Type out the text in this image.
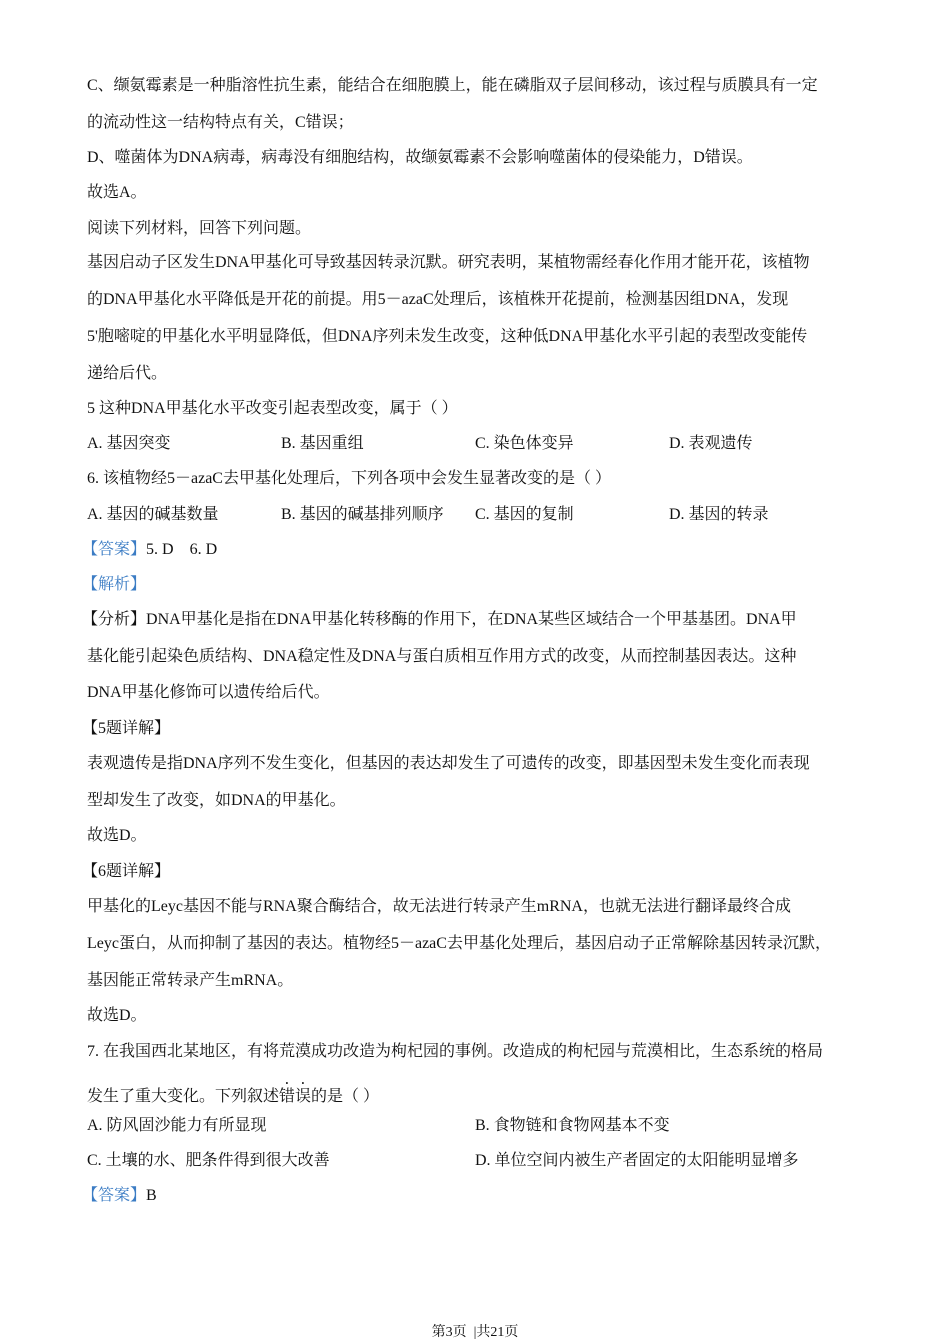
C、缬氨霉素是一种脂溶性抗生素，能结合在细胞膜上，能在磷脂双子层间移动，该过程与质膜具有一定
的流动性这一结构特点有关，C错误；
D、噬菌体为DNA病毒，病毒没有细胞结构，故缬氨霉素不会影响噬菌体的侵染能力，D错误。
故选A。
阅读下列材料，回答下列问题。
基因启动子区发生DNA甲基化可导致基因转录沉默。研究表明，某植物需经春化作用才能开花，该植物
的DNA甲基化水平降低是开花的前提。用5－azaC处理后，该植株开花提前，检测基因组DNA，发现
5'胞嘧啶的甲基化水平明显降低，但DNA序列未发生改变，这种低DNA甲基化水平引起的表型改变能传
递给后代。
5 这种DNA甲基化水平改变引起表型改变，属于（ ）
A. 基因突变	B. 基因重组	C. 染色体变异	D. 表观遗传
6. 该植物经5－azaC去甲基化处理后，下列各项中会发生显著改变的是（ ）
A. 基因的碱基数量	B. 基因的碱基排列顺序 C. 基因的复制	D. 基因的转录
【答案】5. D    6. D
【解析】
【分析】DNA甲基化是指在DNA甲基化转移酶的作用下，在DNA某些区域结合一个甲基基团。DNA甲
基化能引起染色质结构、DNA稳定性及DNA与蛋白质相互作用方式的改变，从而控制基因表达。这种
DNA甲基化修饰可以遗传给后代。
【5题详解】
表观遗传是指DNA序列不发生变化，但基因的表达却发生了可遗传的改变，即基因型未发生变化而表现
型却发生了改变，如DNA的甲基化。
故选D。
【6题详解】
甲基化的Leyc基因不能与RNA聚合酶结合，故无法进行转录产生mRNA，也就无法进行翻译最终合成
Leyc蛋白，从而抑制了基因的表达。植物经5－azaC去甲基化处理后，基因启动子正常解除基因转录沉默，
基因能正常转录产生mRNA。
故选D。
7. 在我国西北某地区，有将荒漠成功改造为枸杞园的事例。改造成的枸杞园与荒漠相比，生态系统的格局
发生了重大变化。下列叙述错误的是（ ）
A. 防风固沙能力有所显现	B. 食物链和食物网基本不变
C. 土壤的水、肥条件得到很大改善	D. 单位空间内被生产者固定的太阳能明显增多
【答案】B
第3页  |共21页
